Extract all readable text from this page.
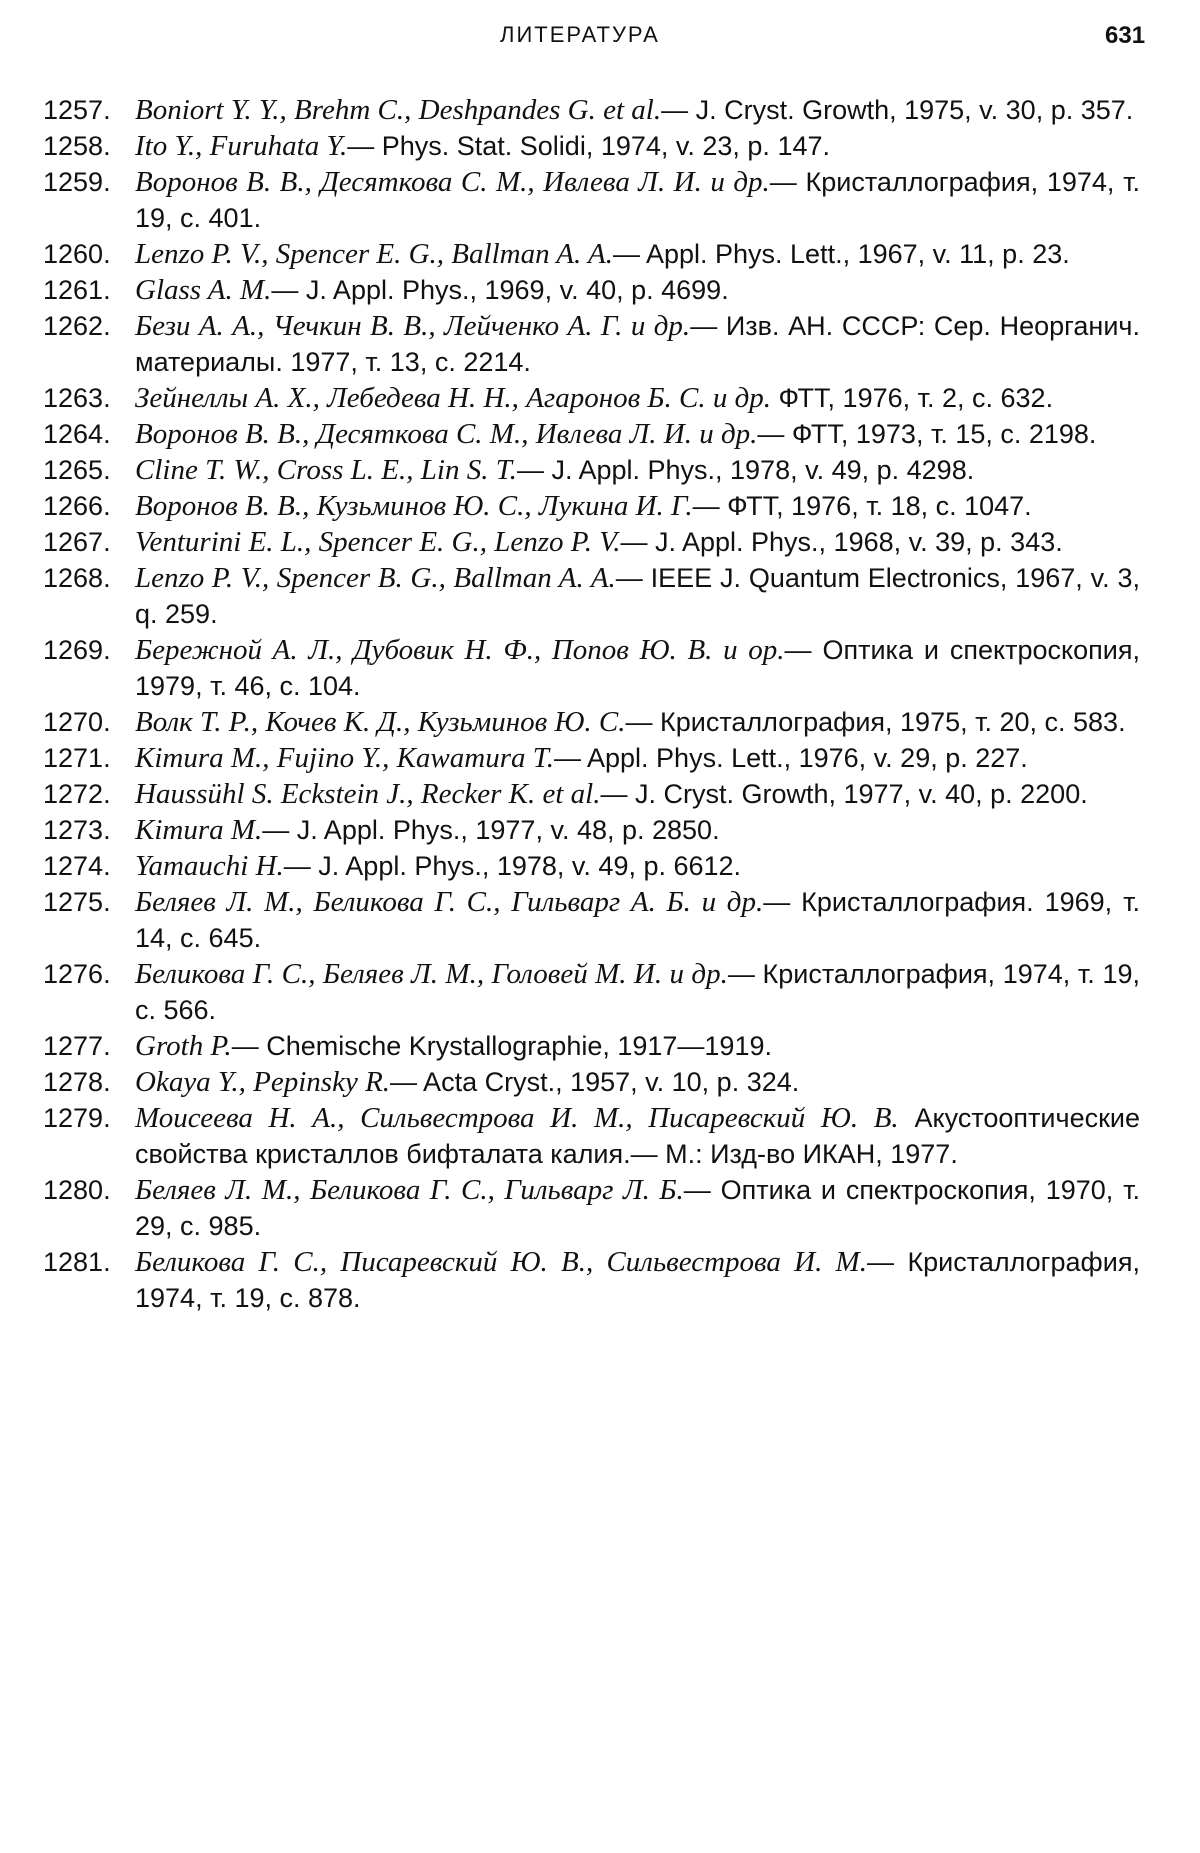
ЛИТЕРАТУРА	631
1257. Boniort Y. Y., Brehm C., Deshpandes G. et al.— J. Cryst. Growth, 1975, v. 30, p. 357.
1258. Ito Y., Furuhata Y.— Phys. Stat. Solidi, 1974, v. 23, p. 147.
1259. Воронов В. В., Десяткова С. М., Ивлева Л. И. и др.— Кристаллография, 1974, т. 19, с. 401.
1260. Lenzo P. V., Spencer E. G., Ballman A. A.— Appl. Phys. Lett., 1967, v. 11, p. 23.
1261. Glass A. M.— J. Appl. Phys., 1969, v. 40, p. 4699.
1262. Бези А. А., Чечкин В. В., Лейченко А. Г. и др.— Изв. АН. СССР: Сер. Неорганич. материалы. 1977, т. 13, с. 2214.
1263. Зейнеллы А. Х., Лебедева Н. Н., Агаронов Б. С. и др. ФТТ, 1976, т. 2, с. 632.
1264. Воронов В. В., Десяткова С. М., Ивлева Л. И. и др.— ФТТ, 1973, т. 15, с. 2198.
1265. Cline T. W., Cross L. E., Lin S. T.— J. Appl. Phys., 1978, v. 49, p. 4298.
1266. Воронов В. В., Кузьминов Ю. С., Лукина И. Г.— ФТТ, 1976, т. 18, с. 1047.
1267. Venturini E. L., Spencer E. G., Lenzo P. V.— J. Appl. Phys., 1968, v. 39, p. 343.
1268. Lenzo P. V., Spencer B. G., Ballman A. A.— IEEE J. Quantum Electronics, 1967, v. 3, q. 259.
1269. Бережной А. Л., Дубовик Н. Ф., Попов Ю. В. и ор.— Оптика и спектроскопия, 1979, т. 46, с. 104.
1270. Волк Т. Р., Кочев К. Д., Кузьминов Ю. С.— Кристаллография, 1975, т. 20, с. 583.
1271. Kimura M., Fujino Y., Kawamura T.— Appl. Phys. Lett., 1976, v. 29, p. 227.
1272. Haussühl S. Eckstein J., Recker K. et al.— J. Cryst. Growth, 1977, v. 40, p. 2200.
1273. Kimura M.— J. Appl. Phys., 1977, v. 48, p. 2850.
1274. Yamauchi H.— J. Appl. Phys., 1978, v. 49, p. 6612.
1275. Беляев Л. М., Беликова Г. С., Гильварг А. Б. и др.— Кристаллография. 1969, т. 14, с. 645.
1276. Беликова Г. С., Беляев Л. М., Головей М. И. и др.— Кристаллография, 1974, т. 19, с. 566.
1277. Groth P.— Chemische Krystallographie, 1917—1919.
1278. Okaya Y., Pepinsky R.— Acta Cryst., 1957, v. 10, p. 324.
1279. Моисеева Н. А., Сильвестрова И. М., Писаревский Ю. В. Акустооптические свойства кристаллов бифталата калия.— М.: Изд-во ИКАН, 1977.
1280. Беляев Л. М., Беликова Г. С., Гильварг Л. Б.— Оптика и спектроскопия, 1970, т. 29, с. 985.
1281. Беликова Г. С., Писаревский Ю. В., Сильвестрова И. М.— Кристаллография, 1974, т. 19, с. 878.
